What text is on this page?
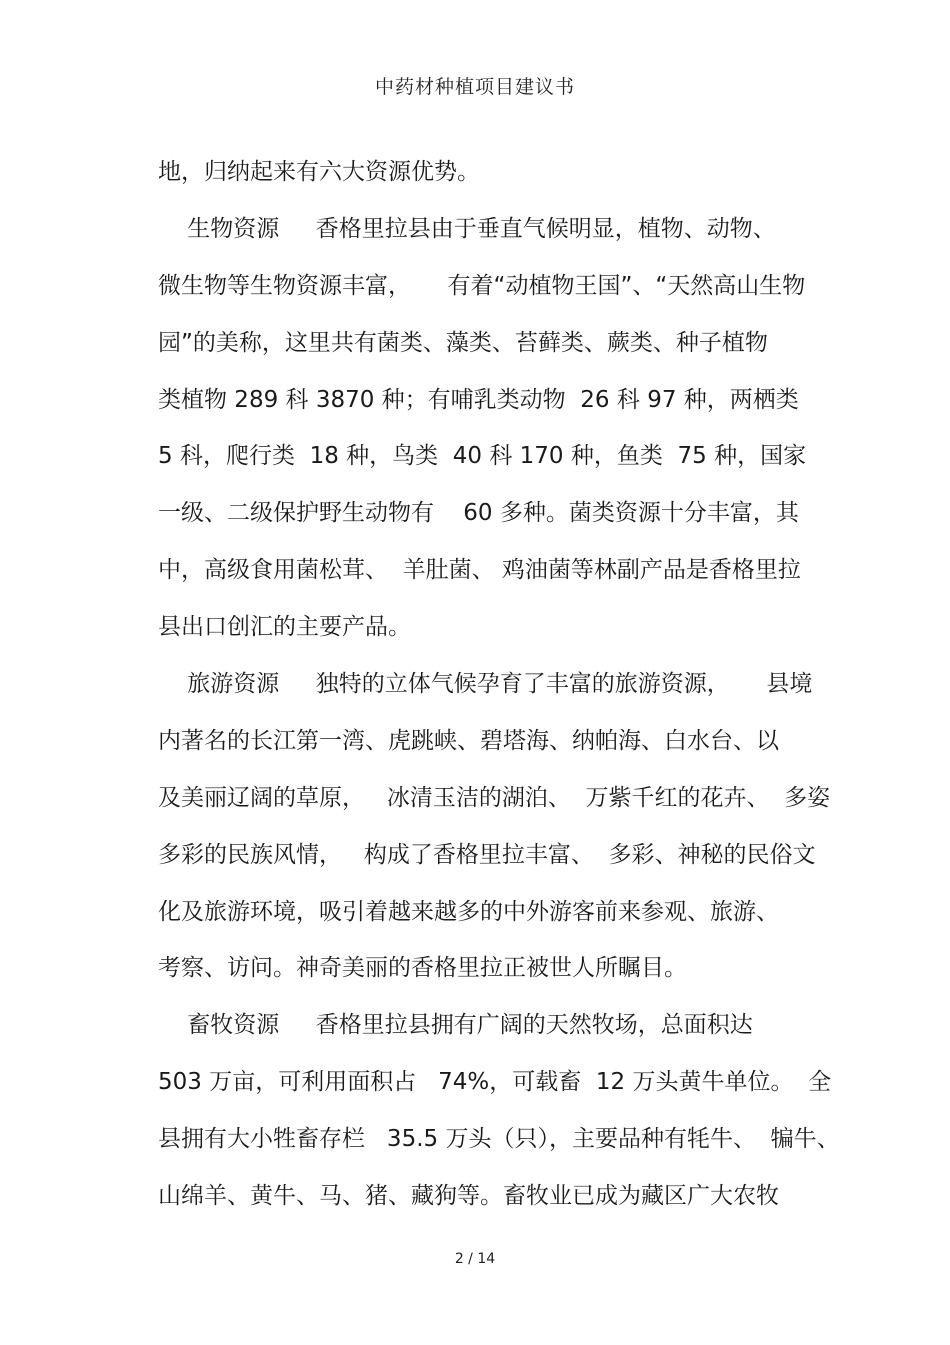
中药材种植项目建议书
地，归纳起来有六大资源优势。
生物资源     香格里拉县由于垂直气候明显，植物、动物、
微生物等生物资源丰富，     有着“动植物王国”、“天然高山生物
园”的美称，这里共有菌类、藻类、苔藓类、蕨类、种子植物
类植物 289 科 3870 种；有哺乳类动物  26 科 97 种，两栖类
5 科，爬行类  18 种，鸟类  40 科 170 种，鱼类  75 种，国家
一级、二级保护野生动物有    60 多种。菌类资源十分丰富，其
中，高级食用菌松茸、  羊肚菌、 鸡油菌等林副产品是香格里拉
县出口创汇的主要产品。
旅游资源     独特的立体气候孕育了丰富的旅游资源，     县境
内著名的长江第一湾、虎跳峡、碧塔海、纳帕海、白水台、以
及美丽辽阔的草原，   冰清玉洁的湖泊、  万紫千红的花卉、  多姿
多彩的民族风情，   构成了香格里拉丰富、  多彩、神秘的民俗文
化及旅游环境，吸引着越来越多的中外游客前来参观、旅游、
考察、访问。神奇美丽的香格里拉正被世人所瞩目。
畜牧资源     香格里拉县拥有广阔的天然牧场，总面积达
503 万亩，可利用面积占   74%，可载畜  12 万头黄牛单位。  全
县拥有大小牲畜存栏   35.5 万头（只），主要品种有牦牛、  犏牛、
山绵羊、黄牛、马、猪、藏狗等。畜牧业已成为藏区广大农牧
2 / 14
